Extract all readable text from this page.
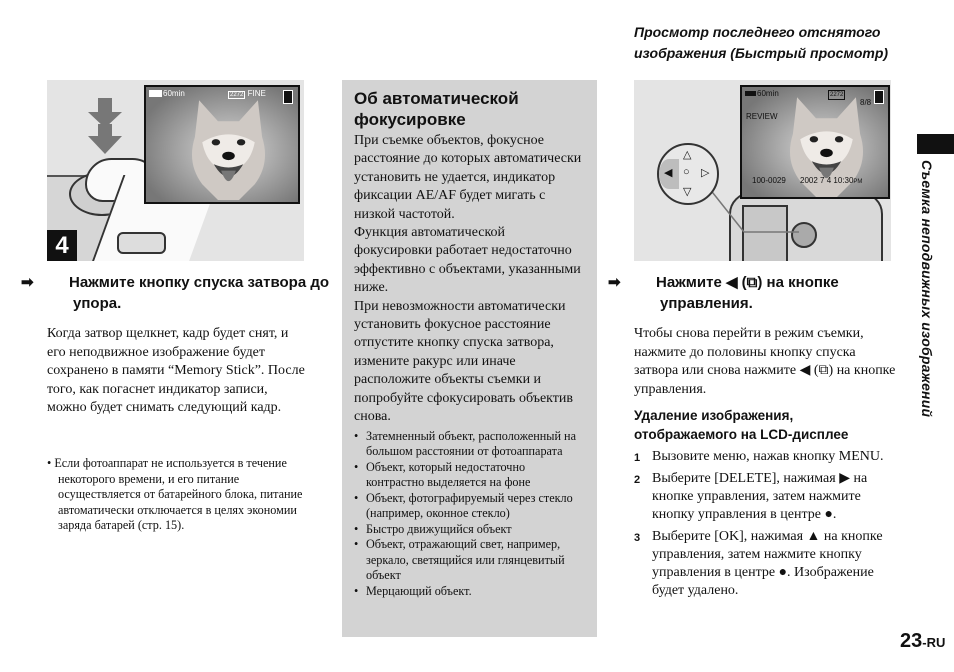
Просмотр последнего отснятого изображения (Быстрый просмотр)
60min	2272 FINE
4
➡ Нажмите кнопку спуска затвора до упора.
Когда затвор щелкнет, кадр будет снят, и его неподвижное изображение будет сохранено в памяти “Memory Stick”. После того, как погаснет индикатор записи, можно будет снимать следующий кадр.
• Если фотоаппарат не используется в течение некоторого времени, и его питание осуществляется от батарейного блока, питание автоматически отключается в целях экономии заряда батарей (стр. 15).
Об автоматической фокусировке

При съемке объектов, фокусное расстояние до которых автоматически установить не удается, индикатор фиксации AE/AF будет мигать с низкой частотой.

Функция автоматической фокусировки работает недостаточно эффективно с объектами, указанными ниже.

При невозможности автоматически установить фокусное расстояние отпустите кнопку спуска затвора, измените ракурс или иначе расположите объекты съемки и попробуйте сфокусировать объектив снова.

• Затемненный объект, расположенный на большом расстоянии от фотоаппарата
• Объект, который недостаточно контрастно выделяется на фоне
• Объект, фотографируемый через стекло (например, оконное стекло)
• Быстро движущийся объект
• Объект, отражающий свет, например, зеркало, светящийся или глянцевитый объект
• Мерцающий объект.
△
▽
◀	▷
○
60min	2272
8/8
REVIEW
100-0029 2002 7 4 10:30PM
➡ Нажмите ◀ (⧉) на кнопке управления.
Чтобы снова перейти в режим съемки, нажмите до половины кнопку спуска затвора или снова нажмите ◀ (⧉) на кнопке управления.
Удаление изображения, отображаемого на LCD-дисплее
1 Вызовите меню, нажав кнопку MENU.
2 Выберите [DELETE], нажимая ▶ на кнопке управления, затем нажмите кнопку управления в центре ●.
3 Выберите [OK], нажимая ▲ на кнопке управления, затем нажмите кнопку управления в центре ●. Изображение будет удалено.
Съемка неподвижных изображений
23-RU
